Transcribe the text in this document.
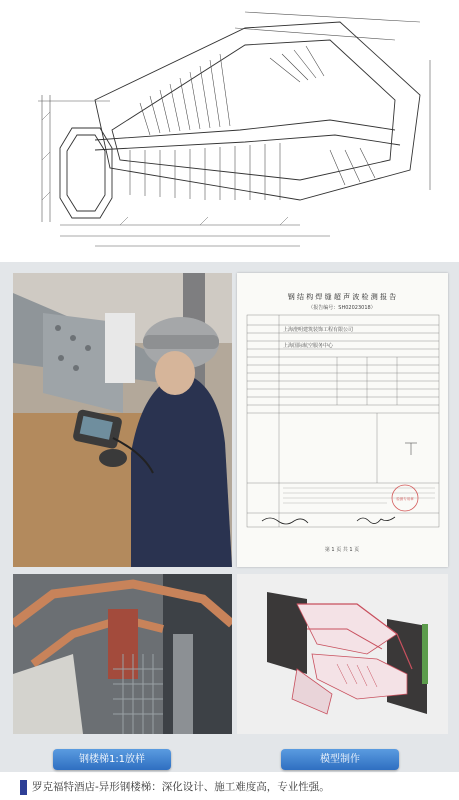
钢 结 构 焊 缝 超 声 波 检 测 报 告
（报告编号：SH02023018）
上海澄明建筑装饰工程有限公司
上海国际航空服务中心
检测专用章
第 1 页 共 1 页
钢楼梯1:1放样	模型制作
罗克福特酒店-异形钢楼梯：深化设计、施工难度高，专业性强。
